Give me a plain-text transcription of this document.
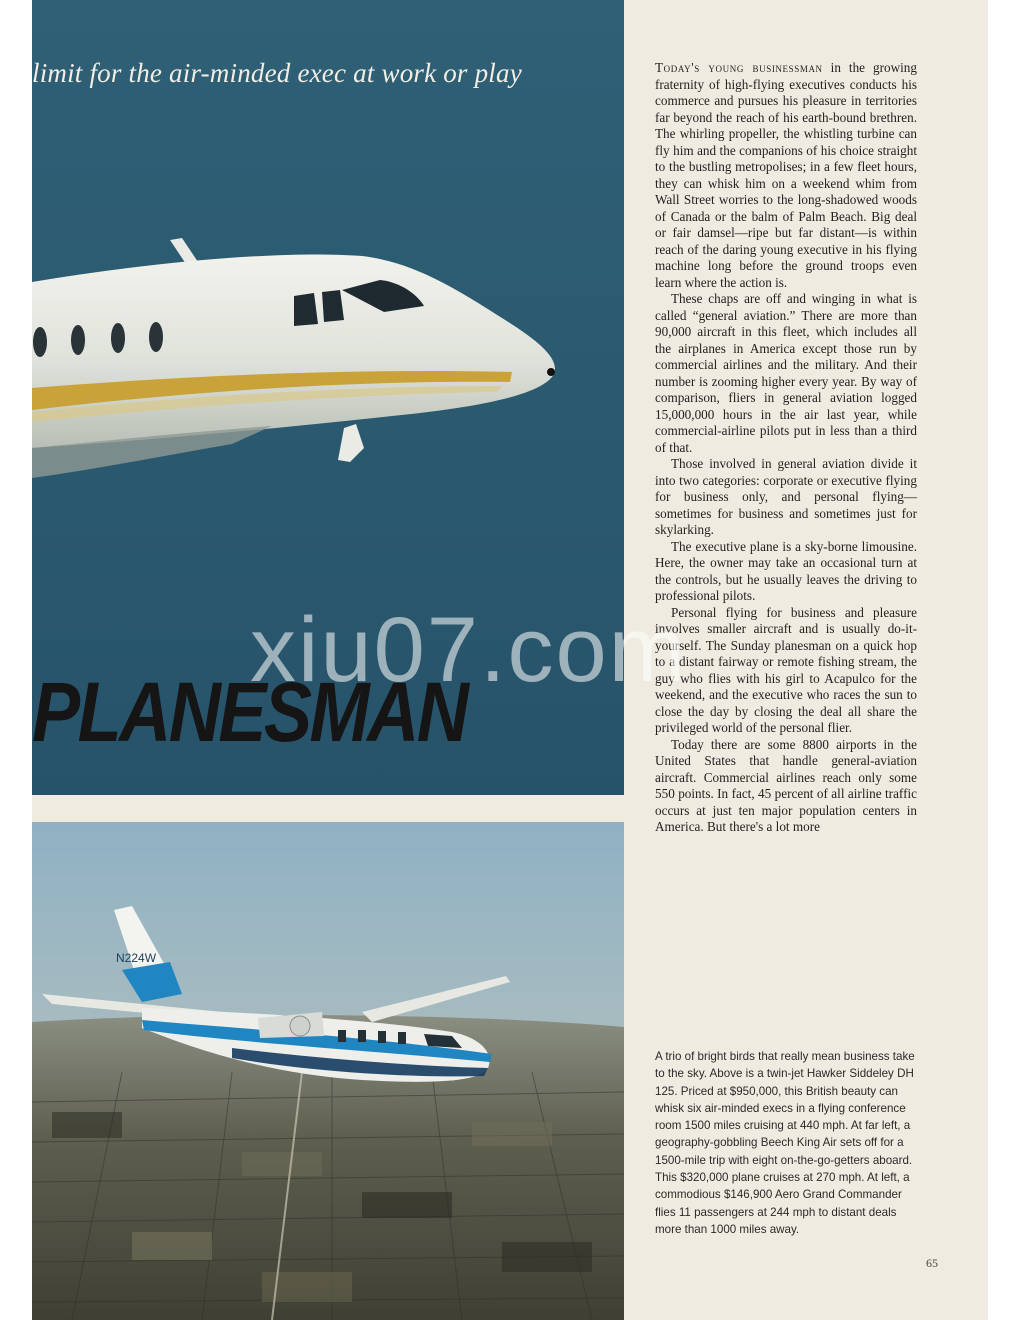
limit for the air-minded exec at work or play
PLANESMAN
N224W

Today's young businessman in the growing fraternity of high-flying executives conducts his commerce and pursues his pleasure in territories far beyond the reach of his earth-bound brethren. The whirling propeller, the whistling turbine can fly him and the companions of his choice straight to the bustling metropolises; in a few fleet hours, they can whisk him on a weekend whim from Wall Street worries to the long-shadowed woods of Canada or the balm of Palm Beach. Big deal or fair damsel—ripe but far distant—is within reach of the daring young executive in his flying machine long before the ground troops even learn where the action is.

These chaps are off and winging in what is called “general aviation.” There are more than 90,000 aircraft in this fleet, which includes all the airplanes in America except those run by commercial airlines and the military. And their number is zooming higher every year. By way of comparison, fliers in general aviation logged 15,000,000 hours in the air last year, while commercial-airline pilots put in less than a third of that.

Those involved in general aviation divide it into two categories: corporate or executive flying for business only, and personal flying—sometimes for business and sometimes just for skylarking.

The executive plane is a sky-borne limousine. Here, the owner may take an occasional turn at the controls, but he usually leaves the driving to professional pilots.

Personal flying for business and pleasure involves smaller aircraft and is usually do-it-yourself. The Sunday planesman on a quick hop to a distant fairway or remote fishing stream, the guy who flies with his girl to Acapulco for the weekend, and the executive who races the sun to close the day by closing the deal all share the privileged world of the personal flier.

Today there are some 8800 airports in the United States that handle general-aviation aircraft. Commercial airlines reach only some 550 points. In fact, 45 percent of all airline traffic occurs at just ten major population centers in America. But there's a lot more

A trio of bright birds that really mean business take to the sky. Above is a twin-jet Hawker Siddeley DH 125. Priced at $950,000, this British beauty can whisk six air-minded execs in a flying conference room 1500 miles cruising at 440 mph. At far left, a geography-gobbling Beech King Air sets off for a 1500-mile trip with eight on-the-go-getters aboard. This $320,000 plane cruises at 270 mph. At left, a commodious $146,900 Aero Grand Commander flies 11 passengers at 244 mph to distant deals more than 1000 miles away.
65
xiu07.com
